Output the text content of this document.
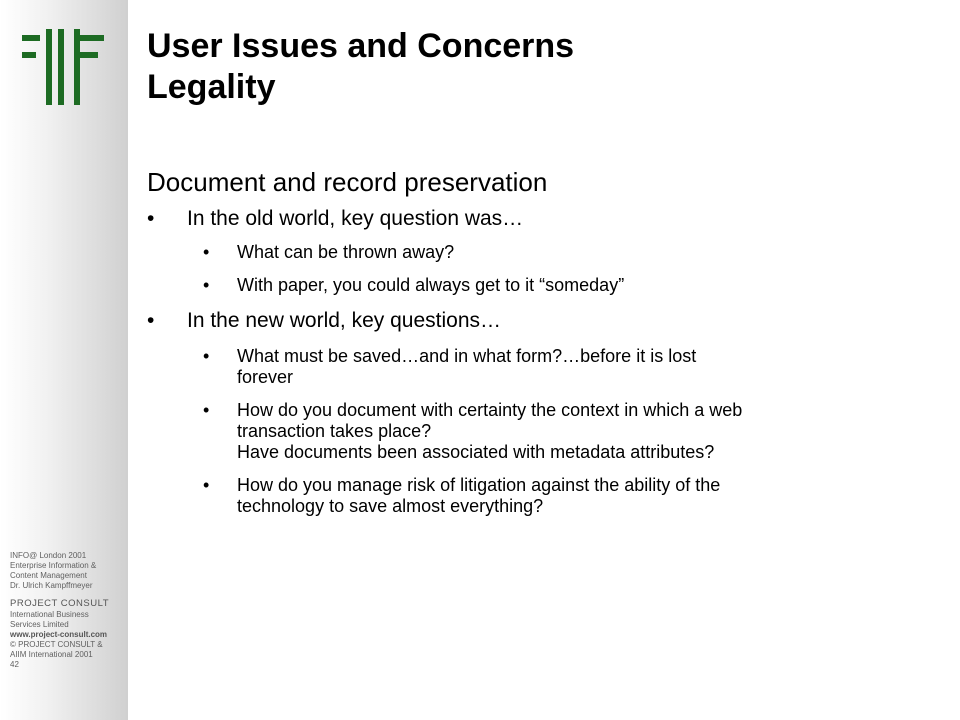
INFO@ London 2001
Enterprise Information &
Content Management
Dr. Ulrich Kampffmeyer
PROJECT CONSULT
International Business
Services Limited
www.project-consult.com
© PROJECT CONSULT &
AIIM International 2001
42
User Issues and Concerns
Legality
Document and record preservation
• In the old world, key question was…
• What can be thrown away?
• With paper, you could always get to it “someday”
• In the new world, key questions…
• What must be saved…and in what form?…before it is lost
forever
• How do you document with certainty the context in which a web
transaction takes place?
Have documents been associated with metadata attributes?
• How do you manage risk of litigation against the ability of the
technology to save almost everything?
